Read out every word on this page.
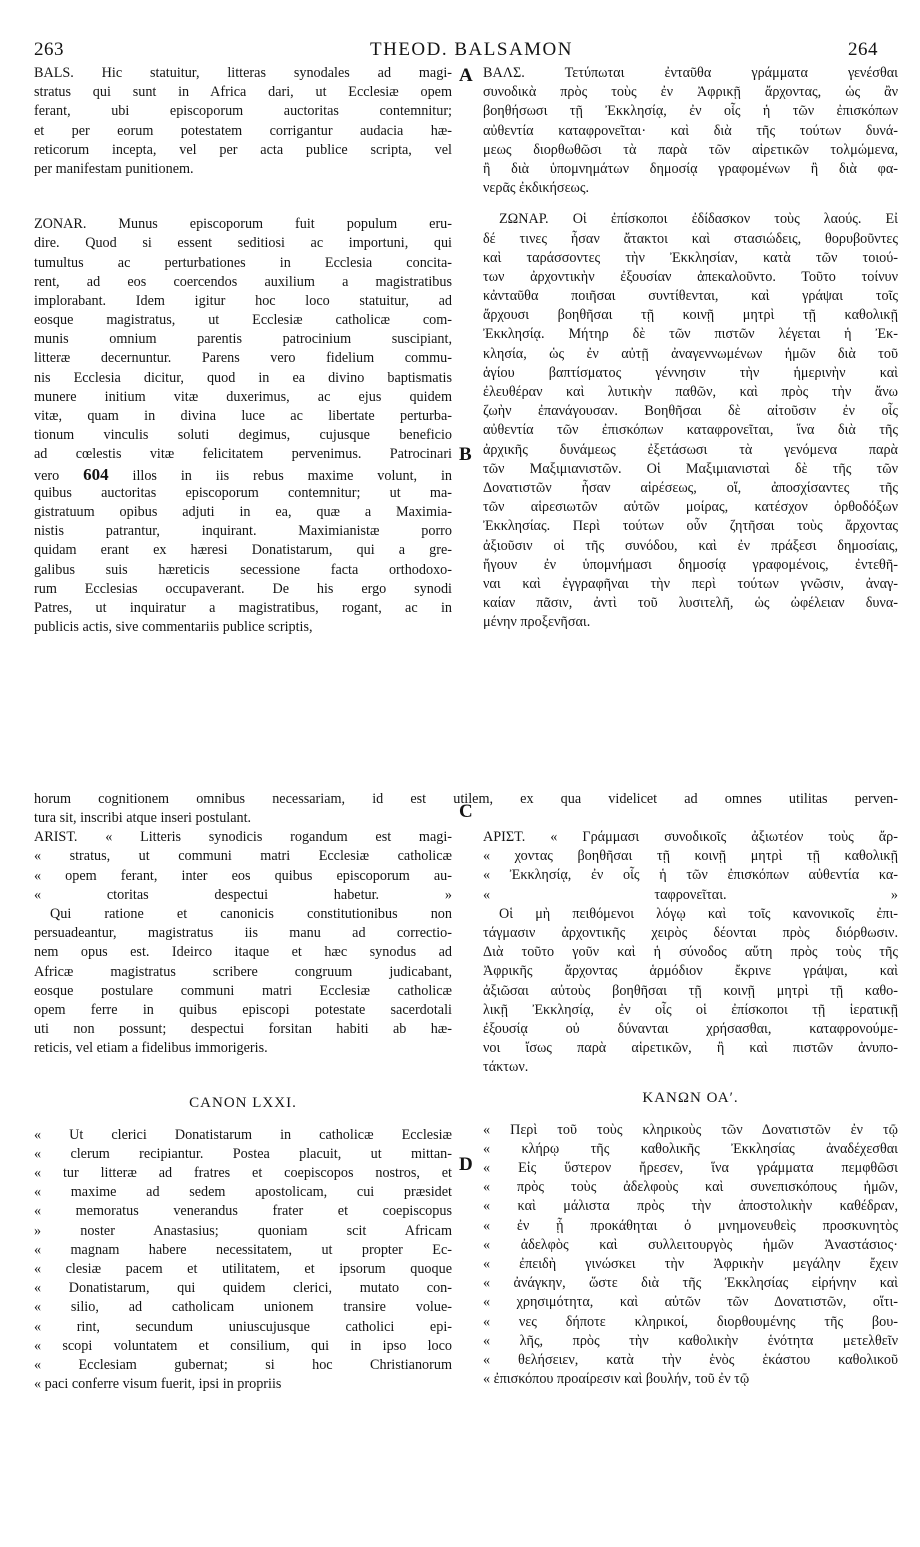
263	THEOD. BALSAMON	264
A
B
C
D
BALS. Hic statuitur, litteras synodales ad magi-
stratus qui sunt in Africa dari, ut Ecclesiæ opem
ferant, ubi episcoporum auctoritas contemnitur;
et per eorum potestatem corrigantur audacia hæ-
reticorum incepta, vel per acta publice scripta, vel
per manifestam punitionem.
ZONAR. Munus episcoporum fuit populum eru-
dire. Quod si essent seditiosi ac importuni, qui
tumultus ac perturbationes in Ecclesia concita-
rent, ad eos coercendos auxilium a magistratibus
implorabant. Idem igitur hoc loco statuitur, ad
eosque magistratus, ut Ecclesiæ catholicæ com-
munis omnium parentis patrocinium suscipiant,
litteræ decernuntur. Parens vero fidelium commu-
nis Ecclesia dicitur, quod in ea divino baptismatis
munere initium vitæ duxerimus, ac ejus quidem
vitæ, quam in divina luce ac libertate perturba-
tionum vinculis soluti degimus, cujusque beneficio
ad cœlestis vitæ felicitatem pervenimus. Patrocinari
vero 604 illos in iis rebus maxime volunt, in
quibus auctoritas episcoporum contemnitur; ut ma-
gistratuum opibus adjuti in ea, quæ a Maximia-
nistis patrantur, inquirant. Maximianistæ porro
quidam erant ex hæresi Donatistarum, qui a gre-
galibus suis hæreticis secessione facta orthodoxo-
rum Ecclesias occupaverant. De his ergo synodi
Patres, ut inquiratur a magistratibus, rogant, ac in
publicis actis, sive commentariis publice scriptis,
horum cognitionem omnibus necessariam, id est utilem, ex qua videlicet ad omnes utilitas perven-
tura sit, inscribi atque inseri postulant.
ARIST. « Litteris synodicis rogandum est magi-
« stratus, ut communi matri Ecclesiæ catholicæ
« opem ferant, inter eos quibus episcoporum au-
« ctoritas despectui habetur. »
Qui ratione et canonicis constitutionibus non
persuadeantur, magistratus iis manu ad correctio-
nem opus est. Ideirco itaque et hæc synodus ad
Africæ magistratus scribere congruum judicabant,
eosque postulare communi matri Ecclesiæ catholicæ
opem ferre in quibus episcopi potestate sacerdotali
uti non possunt; despectui forsitan habiti ab hæ-
reticis, vel etiam a fidelibus immorigeris.
CANON LXXI.
« Ut clerici Donatistarum in catholicæ Ecclesiæ
« clerum recipiantur. Postea placuit, ut mittan-
« tur litteræ ad fratres et coepiscopos nostros, et
« maxime ad sedem apostolicam, cui præsidet
« memoratus venerandus frater et coepiscopus
» noster Anastasius; quoniam scit Africam
« magnam habere necessitatem, ut propter Ec-
« clesiæ pacem et utilitatem, et ipsorum quoque
« Donatistarum, qui quidem clerici, mutato con-
« silio, ad catholicam unionem transire volue-
« rint, secundum uniuscujusque catholici epi-
« scopi voluntatem et consilium, qui in ipso loco
« Ecclesiam gubernat; si hoc Christianorum
« paci conferre visum fuerit, ipsi in propriis
ΒΑΛΣ. Τετύπωται ἐνταῦθα γράμματα γενέσθαι
συνοδικὰ πρὸς τοὺς ἐν Ἀφρικῇ ἄρχοντας, ὡς ἂν
βοηθήσωσι τῇ Ἐκκλησίᾳ, ἐν οἷς ἡ τῶν ἐπισκόπων
αὐθεντία καταφρονεῖται· καὶ διὰ τῆς τούτων δυνά-
μεως διορθωθῶσι τὰ παρὰ τῶν αἱρετικῶν τολμώμενα,
ἢ διὰ ὑπομνημάτων δημοσίᾳ γραφομένων ἢ διὰ φα-
νερᾶς ἐκδικήσεως.
ΖΩΝΑΡ. Οἱ ἐπίσκοποι ἐδίδασκον τοὺς λαούς. Εἰ
δέ τινες ἦσαν ἄτακτοι καὶ στασιώδεις, θορυβοῦντες
καὶ ταράσσοντες τὴν Ἐκκλησίαν, κατὰ τῶν τοιού-
των ἀρχοντικὴν ἐξουσίαν ἀπεκαλοῦντο. Τοῦτο τοίνυν
κἀνταῦθα ποιῆσαι συντίθενται, καὶ γράψαι τοῖς
ἄρχουσι βοηθῆσαι τῇ κοινῇ μητρὶ τῇ καθολικῇ
Ἐκκλησίᾳ. Μήτηρ δὲ τῶν πιστῶν λέγεται ἡ Ἐκ-
κλησία, ὡς ἐν αὐτῇ ἀναγεννωμένων ἡμῶν διὰ τοῦ
ἁγίου βαπτίσματος γέννησιν τὴν ἡμερινὴν καὶ
ἐλευθέραν καὶ λυτικὴν παθῶν, καὶ πρὸς τὴν ἄνω
ζωὴν ἐπανάγουσαν. Βοηθῆσαι δὲ αἰτοῦσιν ἐν οἷς
αὐθεντία τῶν ἐπισκόπων καταφρονεῖται, ἵνα διὰ τῆς
ἀρχικῆς δυνάμεως ἐξετάσωσι τὰ γενόμενα παρὰ
τῶν Μαξιμιανιστῶν. Οἱ Μαξιμιανισταὶ δὲ τῆς τῶν
Δονατιστῶν ἦσαν αἱρέσεως, οἵ, ἀποσχίσαντες τῆς
τῶν αἱρεσιωτῶν αὐτῶν μοίρας, κατέσχον ὀρθοδόξων
Ἐκκλησίας. Περὶ τούτων οὖν ζητῆσαι τοὺς ἄρχοντας
ἀξιοῦσιν οἱ τῆς συνόδου, καὶ ἐν πράξεσι δημοσίαις,
ἤγουν ἐν ὑπομνήμασι δημοσίᾳ γραφομένοις, ἐντεθῆ-
ναι καὶ ἐγγραφῆναι τὴν περὶ τούτων γνῶσιν, ἀναγ-
καίαν πᾶσιν, ἀντὶ τοῦ λυσιτελῆ, ὡς ὠφέλειαν δυνα-
μένην προξενῆσαι.
ΑΡΙΣΤ. « Γράμμασι συνοδικοῖς ἀξιωτέον τοὺς ἄρ-
« χοντας βοηθῆσαι τῇ κοινῇ μητρὶ τῇ καθολικῇ
« Ἐκκλησίᾳ, ἐν οἷς ἡ τῶν ἐπισκόπων αὐθεντία κα-
« ταφρονεῖται. »
Οἱ μὴ πειθόμενοι λόγῳ καὶ τοῖς κανονικοῖς ἐπι-
τάγμασιν ἀρχοντικῆς χειρὸς δέονται πρὸς διόρθωσιν.
Διὰ τοῦτο γοῦν καὶ ἡ σύνοδος αὕτη πρὸς τοὺς τῆς
Ἀφρικῆς ἄρχοντας ἁρμόδιον ἔκρινε γράψαι, καὶ
ἀξιῶσαι αὐτοὺς βοηθῆσαι τῇ κοινῇ μητρὶ τῇ καθο-
λικῇ Ἐκκλησίᾳ, ἐν οἷς οἱ ἐπίσκοποι τῇ ἱερατικῇ
ἐξουσίᾳ οὐ δύνανται χρήσασθαι, καταφρονούμε-
νοι ἴσως παρὰ αἱρετικῶν, ἢ καὶ πιστῶν ἀνυπο-
τάκτων.
ΚΑΝΩΝ ΟΑʹ.
« Περὶ τοῦ τοὺς κληρικοὺς τῶν Δονατιστῶν ἐν τῷ
« κλήρῳ τῆς καθολικῆς Ἐκκλησίας ἀναδέχεσθαι
« Εἰς ὕστερον ἤρεσεν, ἵνα γράμματα πεμφθῶσι
« πρὸς τοὺς ἀδελφοὺς καὶ συνεπισκόπους ἡμῶν,
« καὶ μάλιστα πρὸς τὴν ἀποστολικὴν καθέδραν,
« ἐν ᾗ προκάθηται ὁ μνημονευθεὶς προσκυνητὸς
« ἀδελφὸς καὶ συλλειτουργὸς ἡμῶν Ἀναστάσιος·
« ἐπειδὴ γινώσκει τὴν Ἀφρικὴν μεγάλην ἔχειν
« ἀνάγκην, ὥστε διὰ τῆς Ἐκκλησίας εἰρήνην καὶ
« χρησιμότητα, καὶ αὐτῶν τῶν Δονατιστῶν, οἵτι-
« νες δήποτε κληρικοί, διορθουμένης τῆς βου-
« λῆς, πρὸς τὴν καθολικὴν ἑνότητα μετελθεῖν
« θελήσειεν, κατὰ τὴν ἑνὸς ἑκάστου καθολικοῦ
« ἐπισκόπου προαίρεσιν καὶ βουλήν, τοῦ ἐν τῷ
